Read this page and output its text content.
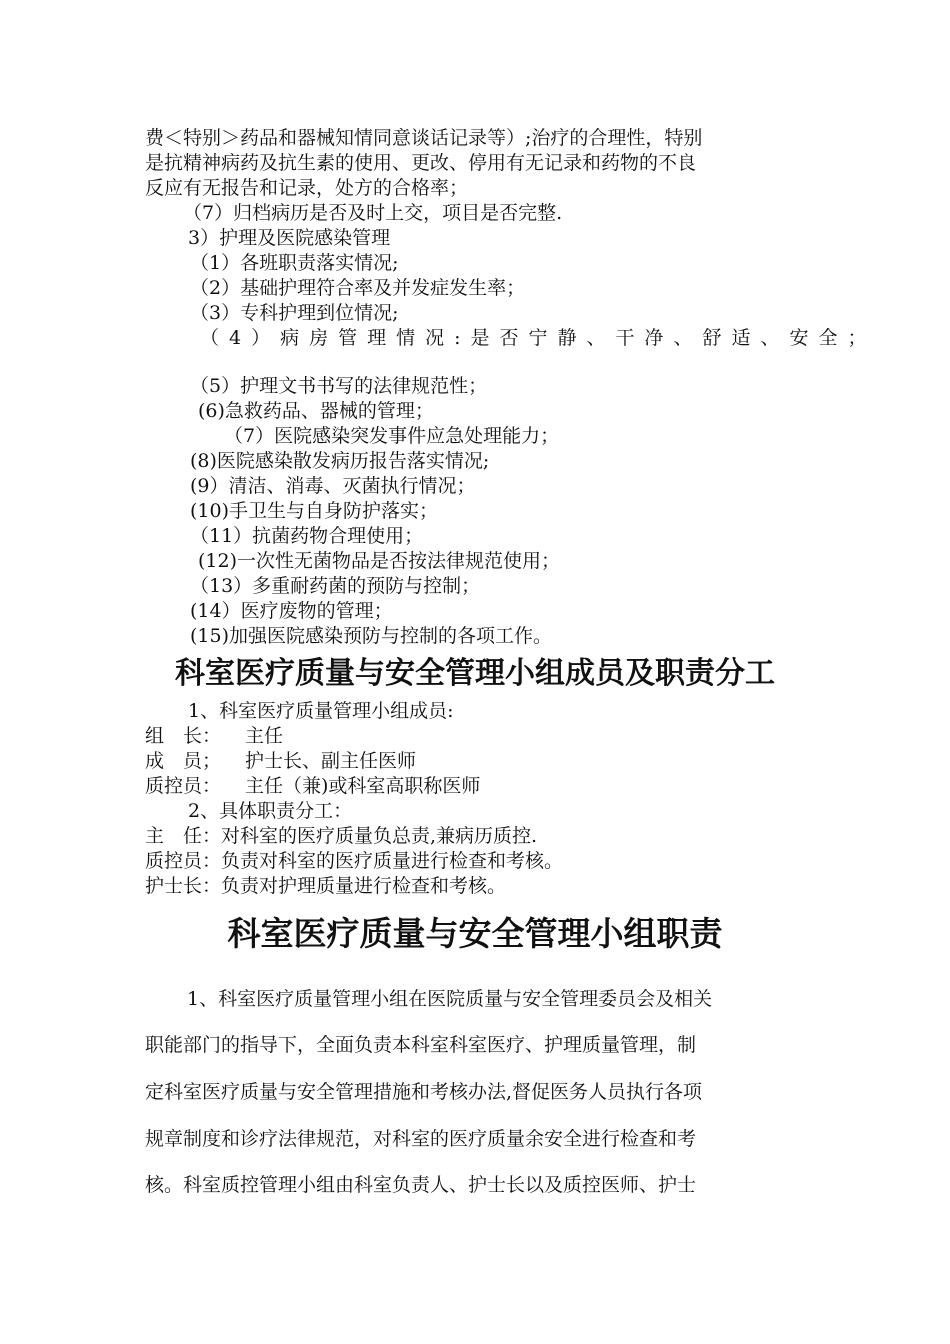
费＜特别＞药品和器械知情同意谈话记录等）;治疗的合理性，特别
是抗精神病药及抗生素的使用、更改、停用有无记录和药物的不良
反应有无报告和记录，处方的合格率；
（7）归档病历是否及时上交，项目是否完整.
3）护理及医院感染管理
（1）各班职责落实情况;
（2）基础护理符合率及并发症发生率；
（3）专科护理到位情况;
（4）病房管理情况:是否宁静、干净、舒适、安全；
（5）护理文书书写的法律规范性；
(6)急救药品、器械的管理；
（7）医院感染突发事件应急处理能力；
(8)医院感染散发病历报告落实情况;
(9）清洁、消毒、灭菌执行情况；
(10)手卫生与自身防护落实；
（11）抗菌药物合理使用；
(12)一次性无菌物品是否按法律规范使用；
（13）多重耐药菌的预防与控制；
(14）医疗废物的管理；
(15)加强医院感染预防与控制的各项工作。
科室医疗质量与安全管理小组成员及职责分工
1、科室医疗质量管理小组成员:
组　长： 主任
成　员； 护士长、副主任医师
质控员： 主任（兼)或科室高职称医师
2、具体职责分工：
主　任：对科室的医疗质量负总责,兼病历质控.
质控员：负责对科室的医疗质量进行检查和考核。
护士长：负责对护理质量进行检查和考核。
科室医疗质量与安全管理小组职责
1、科室医疗质量管理小组在医院质量与安全管理委员会及相关
职能部门的指导下，全面负责本科室科室医疗、护理质量管理，制
定科室医疗质量与安全管理措施和考核办法,督促医务人员执行各项
规章制度和诊疗法律规范，对科室的医疗质量余安全进行检查和考
核。科室质控管理小组由科室负责人、护士长以及质控医师、护士
